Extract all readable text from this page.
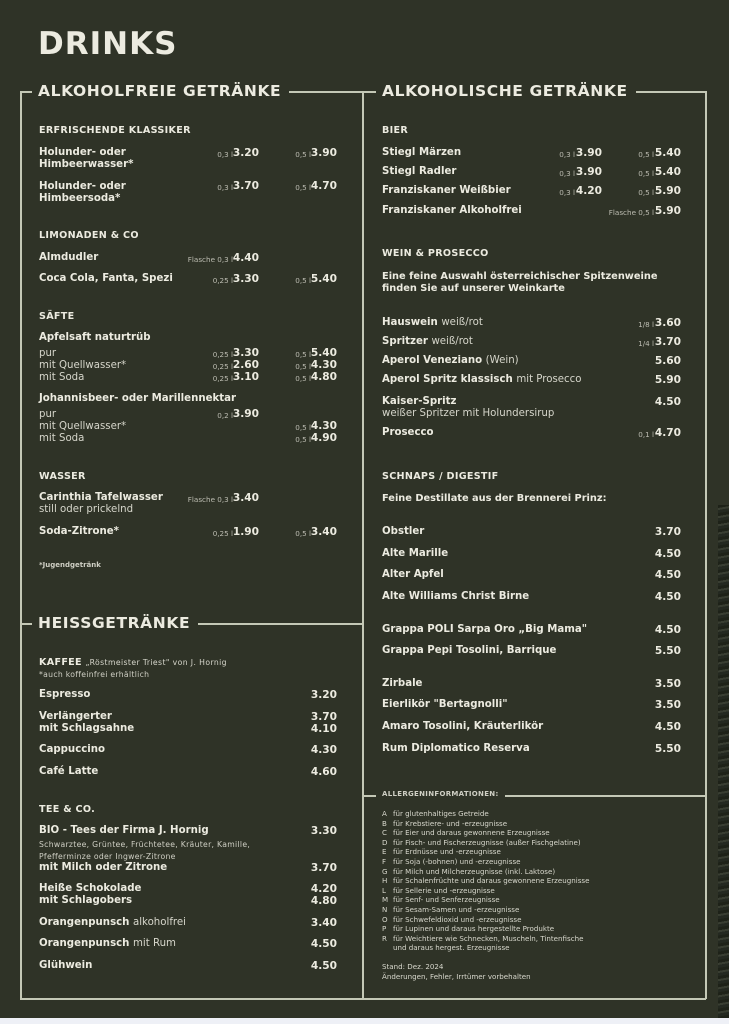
DRINKS
ALKOHOLFREIE GETRÄNKE	ALKOHOLISCHE GETRÄNKE
HEISSGETRÄNKE
ERFRISCHENDE KLASSIKER
Holunder- oder
Himbeerwasser*
0,3 l 3.20	0,5 l 3.90
Holunder- oder
Himbeersoda*
0,3 l 3.70	0,5 l 4.70
LIMONADEN & CO
Almdudler	Flasche 0,3 l 4.40
Coca Cola, Fanta, Spezi	0,25 l 3.30	0,5 l 5.40
SÄFTE
Apfelsaft naturtrüb
pur	0,25 l 3.30	0,5 l 5.40
mit Quellwasser*	0,25 l 2.60	0,5 l 4.30
mit Soda	0,25 l 3.10	0,5 l 4.80
Johannisbeer- oder Marillennektar
pur	0,2 l 3.90
mit Quellwasser*	0,5 l 4.30
mit Soda	0,5 l 4.90
WASSER
Carinthia Tafelwasser
still oder prickelnd
Flasche 0,3 l 3.40
Soda-Zitrone*	0,25 l 1.90	0,5 l 3.40
*Jugendgetränk
KAFFEE „Röstmeister Triest" von J. Hornig
*auch koffeinfrei erhältlich
Espresso	3.20
Verlängerter	3.70
mit Schlagsahne	4.10
Cappuccino	4.30
Café Latte	4.60
TEE & CO.
BIO - Tees der Firma J. Hornig	3.30
Schwarztee, Grüntee, Früchtetee, Kräuter, Kamille,
Pfefferminze oder Ingwer-Zitrone
mit Milch oder Zitrone	3.70
Heiße Schokolade	4.20
mit Schlagobers	4.80
Orangenpunsch alkoholfrei	3.40
Orangenpunsch mit Rum	4.50
Glühwein	4.50
BIER
Stiegl Märzen	0,3 l 3.90	0,5 l 5.40
Stiegl Radler	0,3 l 3.90	0,5 l 5.40
Franziskaner Weißbier	0,3 l 4.20	0,5 l 5.90
Franziskaner Alkoholfrei	Flasche 0,5 l 5.90
WEIN & PROSECCO
Eine feine Auswahl österreichischer Spitzenweine
finden Sie auf unserer Weinkarte
Hauswein weiß/rot	1/8 l 3.60
Spritzer weiß/rot	1/4 l 3.70
Aperol Veneziano (Wein)	5.60
Aperol Spritz klassisch mit Prosecco	5.90
Kaiser-Spritz
weißer Spritzer mit Holundersirup
4.50
Prosecco	0,1 l 4.70
SCHNAPS / DIGESTIF
Feine Destillate aus der Brennerei Prinz:
Obstler	3.70
Alte Marille	4.50
Alter Apfel	4.50
Alte Williams Christ Birne	4.50
Grappa POLI Sarpa Oro „Big Mama"	4.50
Grappa Pepi Tosolini, Barrique	5.50
Zirbale	3.50
Eierlikör "Bertagnolli"	3.50
Amaro Tosolini, Kräuterlikör	4.50
Rum Diplomatico Reserva	5.50
ALLERGENINFORMATIONEN:
A für glutenhaltiges Getreide
B für Krebstiere- und -erzeugnisse
C für Eier und daraus gewonnene Erzeugnisse
D für Fisch- und Fischerzeugnisse (außer Fischgelatine)
E für Erdnüsse und -erzeugnisse
F für Soja (-bohnen) und -erzeugnisse
G für Milch und Milcherzeugnisse (inkl. Laktose)
H für Schalenfrüchte und daraus gewonnene Erzeugnisse
L für Sellerie und -erzeugnisse
M für Senf- und Senferzeugnisse
N für Sesam-Samen und -erzeugnisse
O für Schwefeldioxid und -erzeugnisse
P für Lupinen und daraus hergestellte Produkte
R für Weichtiere wie Schnecken, Muscheln, Tintenfische
und daraus hergest. Erzeugnisse
Stand: Dez. 2024
Änderungen, Fehler, Irrtümer vorbehalten
